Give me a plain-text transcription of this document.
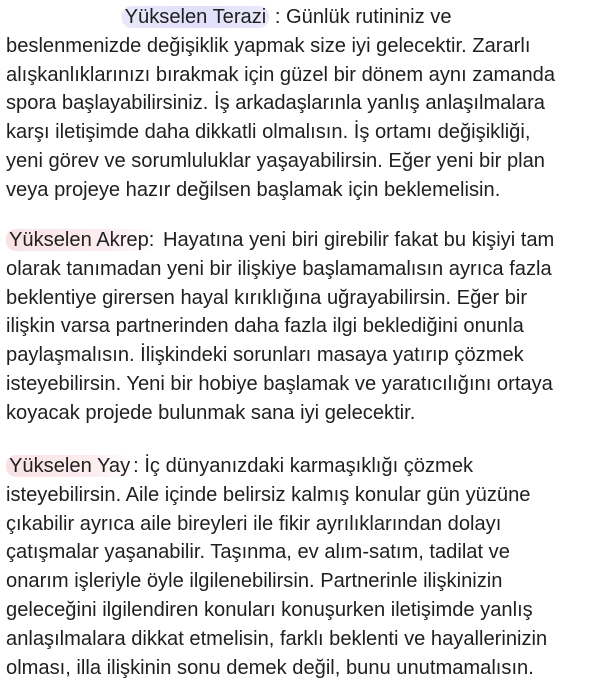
Yükselen Terazi : Günlük rutininiz ve
beslenmenizde değişiklik yapmak size iyi gelecektir. Zararlı
alışkanlıklarınızı bırakmak için güzel bir dönem aynı zamanda
spora başlayabilirsiniz. İş arkadaşlarınla yanlış anlaşılmalara
karşı iletişimde daha dikkatli olmalısın. İş ortamı değişikliği,
yeni görev ve sorumluluklar yaşayabilirsin. Eğer yeni bir plan
veya projeye hazır değilsen başlamak için beklemelisin.
Yükselen Akrep: Hayatına yeni biri girebilir fakat bu kişiyi tam
olarak tanımadan yeni bir ilişkiye başlamamalısın ayrıca fazla
beklentiye girersen hayal kırıklığına uğrayabilirsin. Eğer bir
ilişkin varsa partnerinden daha fazla ilgi beklediğini onunla
paylaşmalısın. İlişkindeki sorunları masaya yatırıp çözmek
isteyebilirsin. Yeni bir hobiye başlamak ve yaratıcılığını ortaya
koyacak projede bulunmak sana iyi gelecektir.
Yükselen Yay : İç dünyanızdaki karmaşıklığı çözmek
isteyebilirsin. Aile içinde belirsiz kalmış konular gün yüzüne
çıkabilir ayrıca aile bireyleri ile fikir ayrılıklarından dolayı
çatışmalar yaşanabilir. Taşınma, ev alım-satım, tadilat ve
onarım işleriyle öyle ilgilenebilirsin. Partnerinle ilişkinizin
geleceğini ilgilendiren konuları konuşurken iletişimde yanlış
anlaşılmalara dikkat etmelisin, farklı beklenti ve hayallerinizin
olması, illa ilişkinin sonu demek değil, bunu unutmamalısın.
